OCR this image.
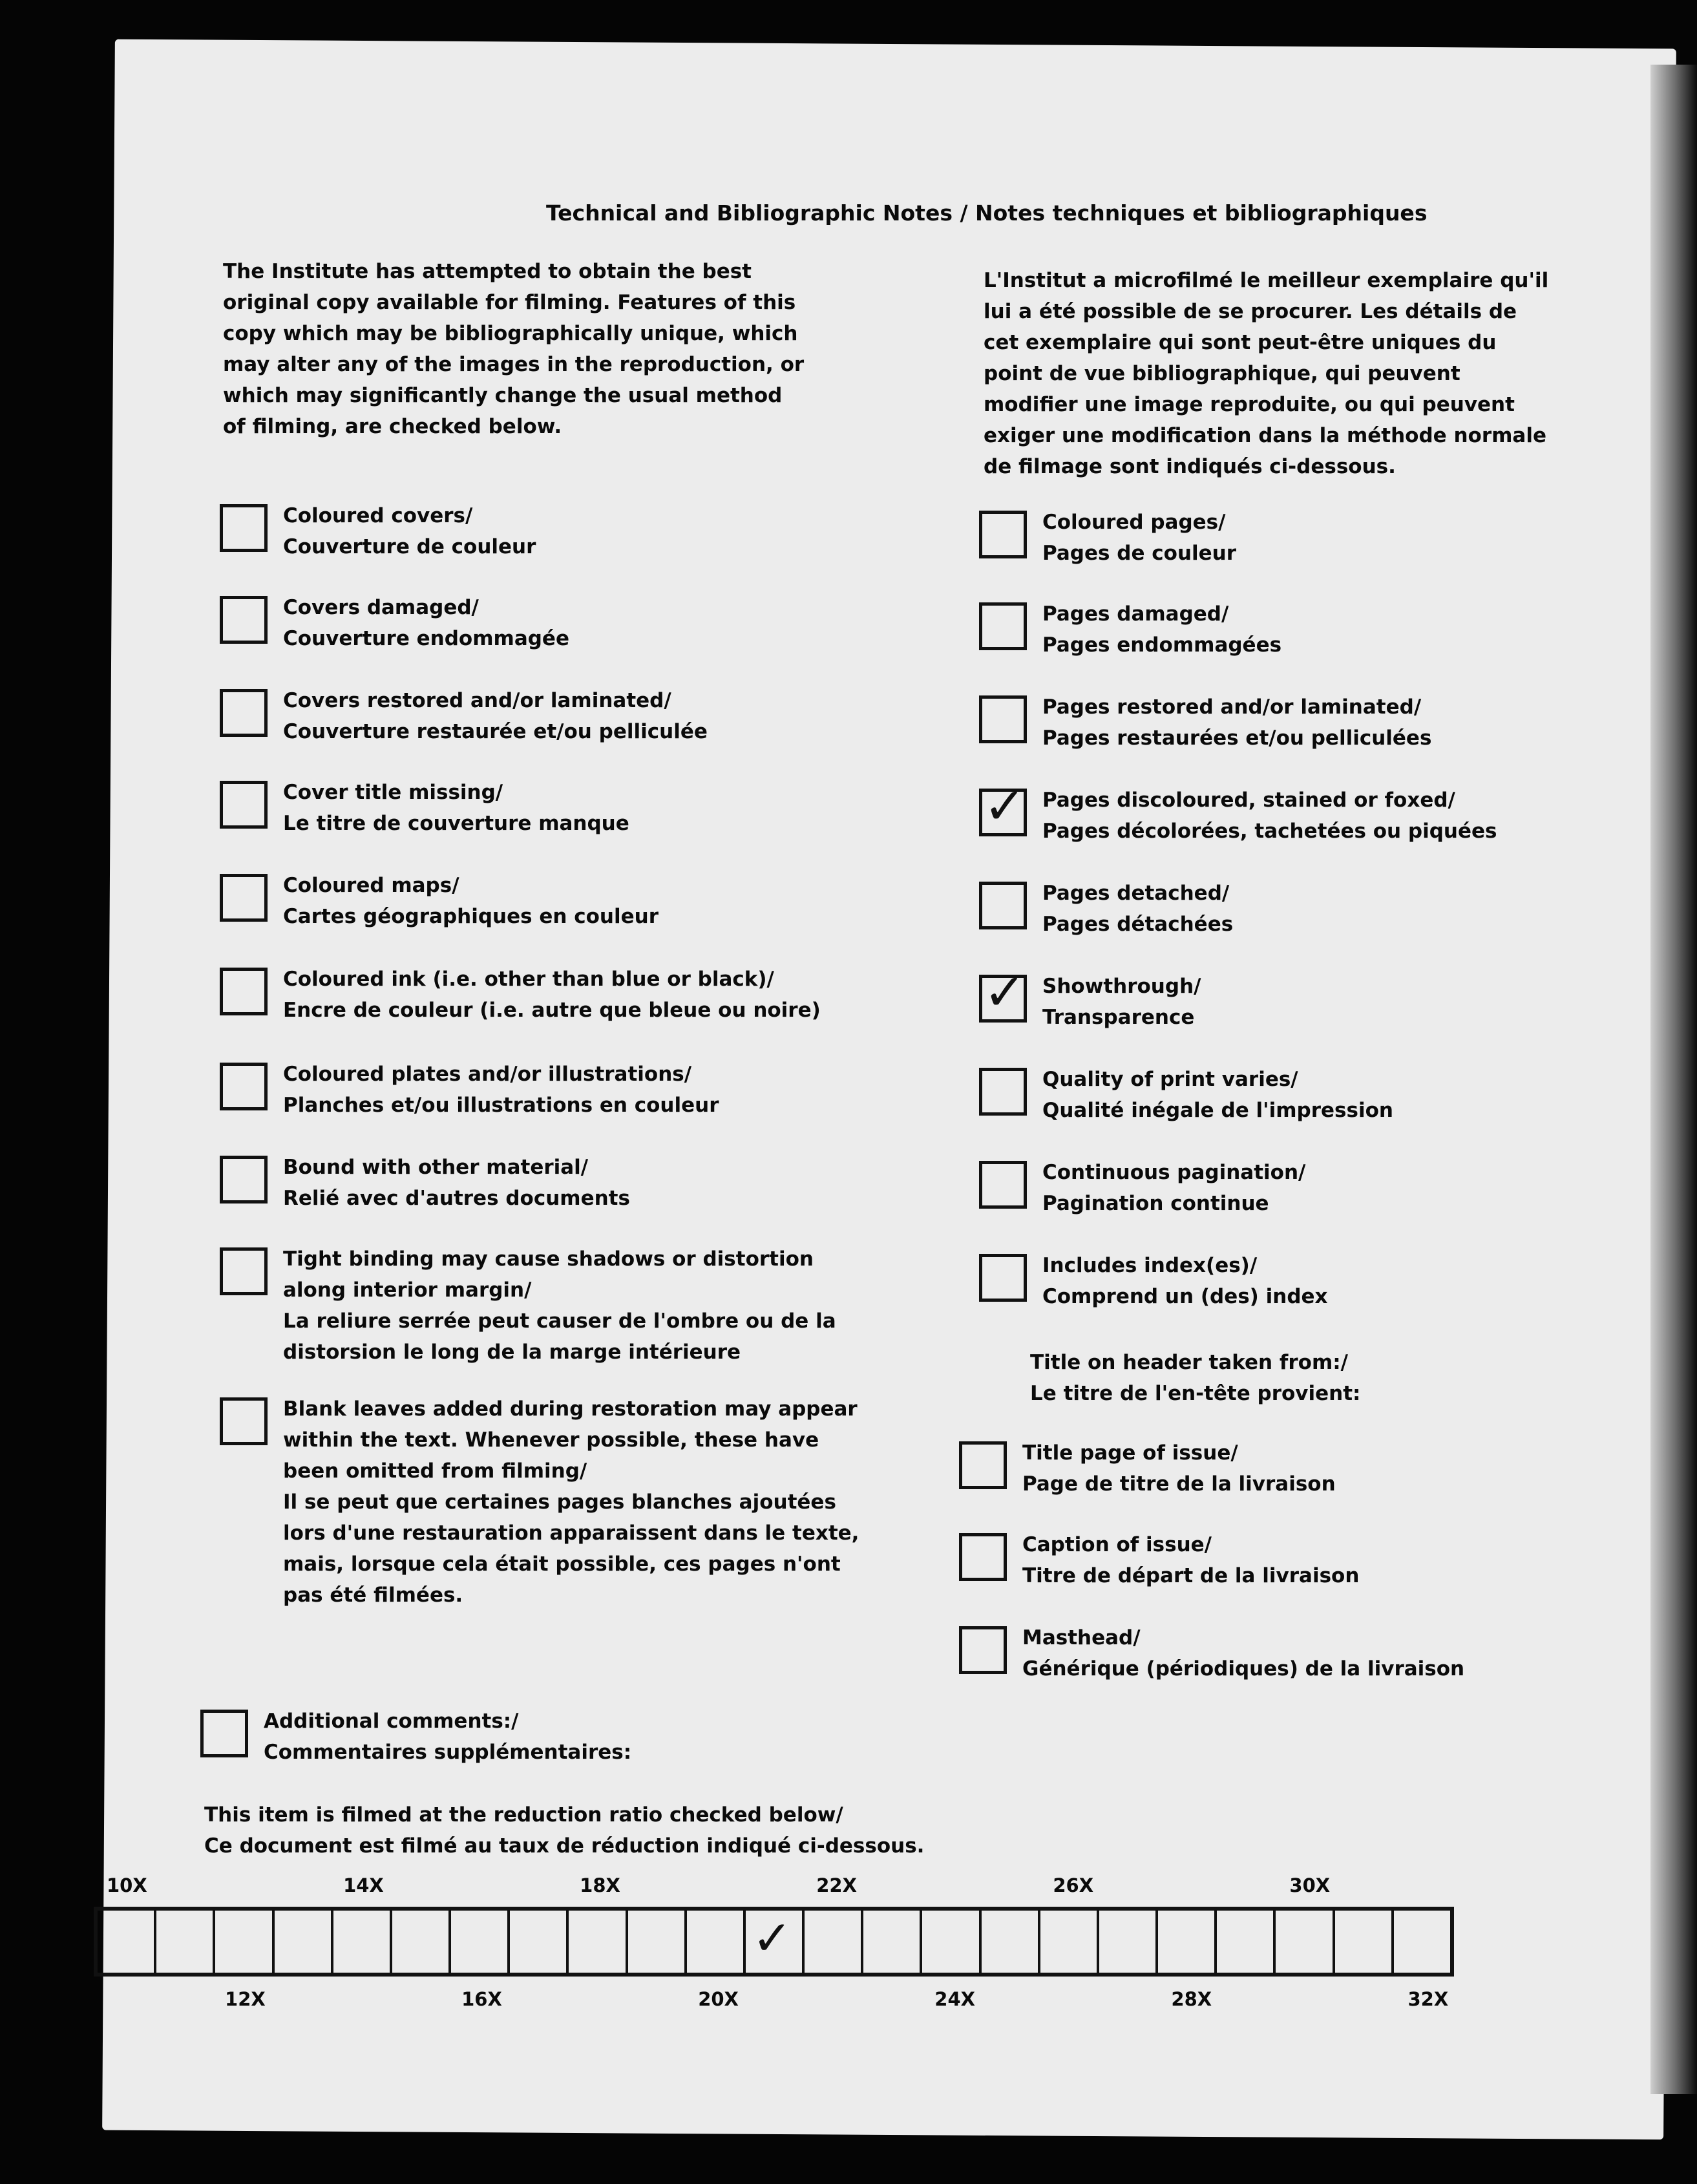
Technical and Bibliographic Notes / Notes techniques et bibliographiques
The Institute has attempted to obtain the best original copy available for filming. Features of this copy which may be bibliographically unique, which may alter any of the images in the reproduction, or which may significantly change the usual method of filming, are checked below.
L'Institut a microfilmé le meilleur exemplaire qu'il lui a été possible de se procurer. Les détails de cet exemplaire qui sont peut-être uniques du point de vue bibliographique, qui peuvent modifier une image reproduite, ou qui peuvent exiger une modification dans la méthode normale de filmage sont indiqués ci-dessous.
Coloured covers/
Couverture de couleur
Covers damaged/
Couverture endommagée
Covers restored and/or laminated/
Couverture restaurée et/ou pelliculée
Cover title missing/
Le titre de couverture manque
Coloured maps/
Cartes géographiques en couleur
Coloured ink (i.e. other than blue or black)/
Encre de couleur (i.e. autre que bleue ou noire)
Coloured plates and/or illustrations/
Planches et/ou illustrations en couleur
Bound with other material/
Relié avec d'autres documents
Tight binding may cause shadows or distortion
along interior margin/
La reliure serrée peut causer de l'ombre ou de la
distorsion le long de la marge intérieure
Blank leaves added during restoration may appear
within the text. Whenever possible, these have
been omitted from filming/
Il se peut que certaines pages blanches ajoutées
lors d'une restauration apparaissent dans le texte,
mais, lorsque cela était possible, ces pages n'ont
pas été filmées.
Coloured pages/
Pages de couleur
Pages damaged/
Pages endommagées
Pages restored and/or laminated/
Pages restaurées et/ou pelliculées
✓ Pages discoloured, stained or foxed/
Pages décolorées, tachetées ou piquées
Pages detached/
Pages détachées
✓ Showthrough/
Transparence
Quality of print varies/
Qualité inégale de l'impression
Continuous pagination/
Pagination continue
Includes index(es)/
Comprend un (des) index
Title on header taken from:/
Le titre de l'en-tête provient:
Title page of issue/
Page de titre de la livraison
Caption of issue/
Titre de départ de la livraison
Masthead/
Générique (périodiques) de la livraison
Additional comments:/
Commentaires supplémentaires:
This item is filmed at the reduction ratio checked below/
Ce document est filmé au taux de réduction indiqué ci-dessous.
10X	14X	18X	22X	26X	30X
✓
12X	16X	20X	24X	28X	32X
